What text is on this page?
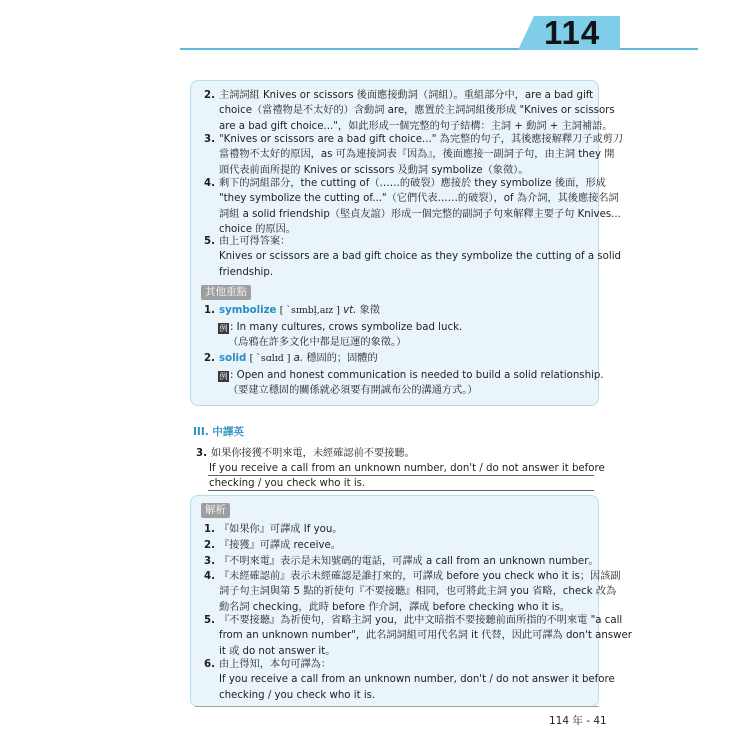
114
2. 主詞詞組 Knives or scissors 後面應接動詞（詞組）。重組部分中，are a bad gift
choice（當禮物是不太好的）含動詞 are，應置於主詞詞組後形成 "Knives or scissors
are a bad gift choice..."，如此形成一個完整的句子結構：主詞 + 動詞 + 主詞補語。
3. "Knives or scissors are a bad gift choice..." 為完整的句子，其後應接解釋刀子或剪刀
當禮物不太好的原因，as 可為連接詞表『因為』，後面應接一副詞子句，由主詞 they 開
頭代表前面所提的 Knives or scissors 及動詞 symbolize（象徵）。
4. 剩下的詞組部分，the cutting of（……的破裂）應接於 they symbolize 後面，形成
"they symbolize the cutting of..."（它們代表……的破裂），of 為介詞，其後應接名詞
詞組 a solid friendship（堅貞友誼）形成一個完整的副詞子句來解釋主要子句 Knives...
choice 的原因。
5. 由上可得答案：
Knives or scissors are a bad gift choice as they symbolize the cutting of a solid
friendship.
其他重點
1. symbolize [ ˋsɪmbḷ,aɪz ] vt. 象徵
例 : In many cultures, crows symbolize bad luck.
（烏鴉在許多文化中都是厄運的象徵。）
2. solid [ ˋsɑlɪd ] a. 穩固的；固體的
例 : Open and honest communication is needed to build a solid relationship.
（要建立穩固的關係就必須要有開誠布公的溝通方式。）
III. 中譯英
3. 如果你接獲不明來電，未經確認前不要接聽。
If you receive a call from an unknown number, don't / do not answer it before
checking / you check who it is.
解析
1. 『如果你』可譯成 If you。
2. 『接獲』可譯成 receive。
3. 『不明來電』表示是未知號碼的電話，可譯成 a call from an unknown number。
4. 『未經確認前』表示未經確認是誰打來的，可譯成 before you check who it is；因該副
詞子句主詞與第 5 點的祈使句『不要接聽』相同，也可將此主詞 you 省略，check 改為
動名詞 checking，此時 before 作介詞，譯成 before checking who it is。
5. 『不要接聽』為祈使句，省略主詞 you，此中文暗指不要接聽前面所指的不明來電 "a call
from an unknown number"，此名詞詞組可用代名詞 it 代替，因此可譯為 don't answer
it 或 do not answer it。
6. 由上得知，本句可譯為：
If you receive a call from an unknown number, don't / do not answer it before
checking / you check who it is.
114 年 - 41
